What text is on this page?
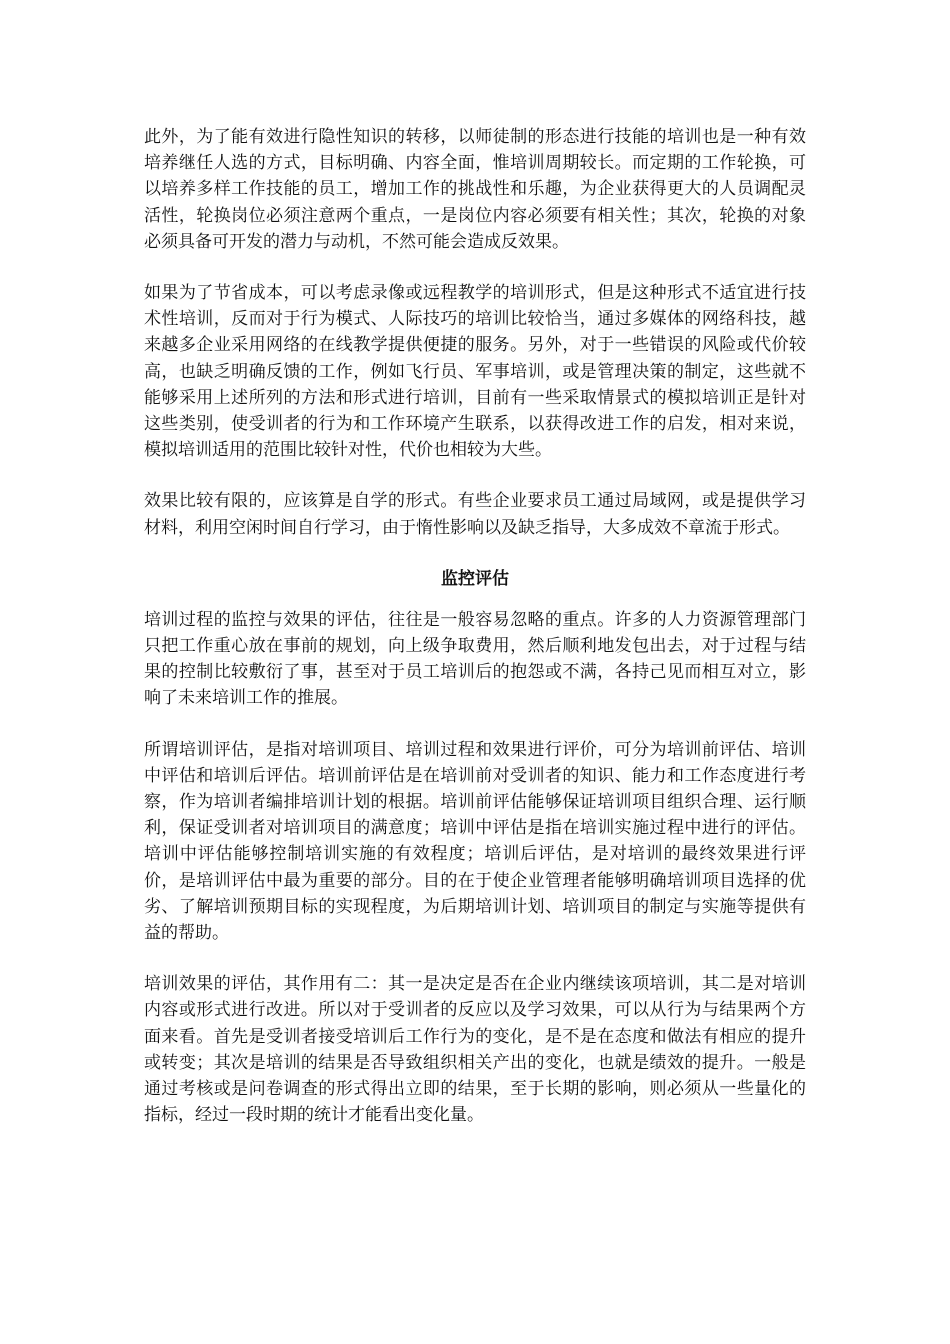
此外，为了能有效进行隐性知识的转移，以师徒制的形态进行技能的培训也是一种有效培养继任人选的方式，目标明确、内容全面，惟培训周期较长。而定期的工作轮换，可以培养多样工作技能的员工，增加工作的挑战性和乐趣，为企业获得更大的人员调配灵活性，轮换岗位必须注意两个重点，一是岗位内容必须要有相关性；其次，轮换的对象必须具备可开发的潜力与动机，不然可能会造成反效果。

如果为了节省成本，可以考虑录像或远程教学的培训形式，但是这种形式不适宜进行技术性培训，反而对于行为模式、人际技巧的培训比较恰当，通过多媒体的网络科技，越来越多企业采用网络的在线教学提供便捷的服务。另外，对于一些错误的风险或代价较高，也缺乏明确反馈的工作，例如飞行员、军事培训，或是管理决策的制定，这些就不能够采用上述所列的方法和形式进行培训，目前有一些采取情景式的模拟培训正是针对这些类别，使受训者的行为和工作环境产生联系，以获得改进工作的启发，相对来说，模拟培训适用的范围比较针对性，代价也相较为大些。

效果比较有限的，应该算是自学的形式。有些企业要求员工通过局域网，或是提供学习材料，利用空闲时间自行学习，由于惰性影响以及缺乏指导，大多成效不章流于形式。

监控评估

培训过程的监控与效果的评估，往往是一般容易忽略的重点。许多的人力资源管理部门只把工作重心放在事前的规划，向上级争取费用，然后顺利地发包出去，对于过程与结果的控制比较敷衍了事，甚至对于员工培训后的抱怨或不满，各持己见而相互对立，影响了未来培训工作的推展。

所谓培训评估，是指对培训项目、培训过程和效果进行评价，可分为培训前评估、培训中评估和培训后评估。培训前评估是在培训前对受训者的知识、能力和工作态度进行考察，作为培训者编排培训计划的根据。培训前评估能够保证培训项目组织合理、运行顺利，保证受训者对培训项目的满意度；培训中评估是指在培训实施过程中进行的评估。培训中评估能够控制培训实施的有效程度；培训后评估，是对培训的最终效果进行评价，是培训评估中最为重要的部分。目的在于使企业管理者能够明确培训项目选择的优劣、了解培训预期目标的实现程度，为后期培训计划、培训项目的制定与实施等提供有益的帮助。

培训效果的评估，其作用有二：其一是决定是否在企业内继续该项培训，其二是对培训内容或形式进行改进。所以对于受训者的反应以及学习效果，可以从行为与结果两个方面来看。首先是受训者接受培训后工作行为的变化，是不是在态度和做法有相应的提升或转变；其次是培训的结果是否导致组织相关产出的变化，也就是绩效的提升。一般是通过考核或是问卷调查的形式得出立即的结果，至于长期的影响，则必须从一些量化的指标，经过一段时期的统计才能看出变化量。
